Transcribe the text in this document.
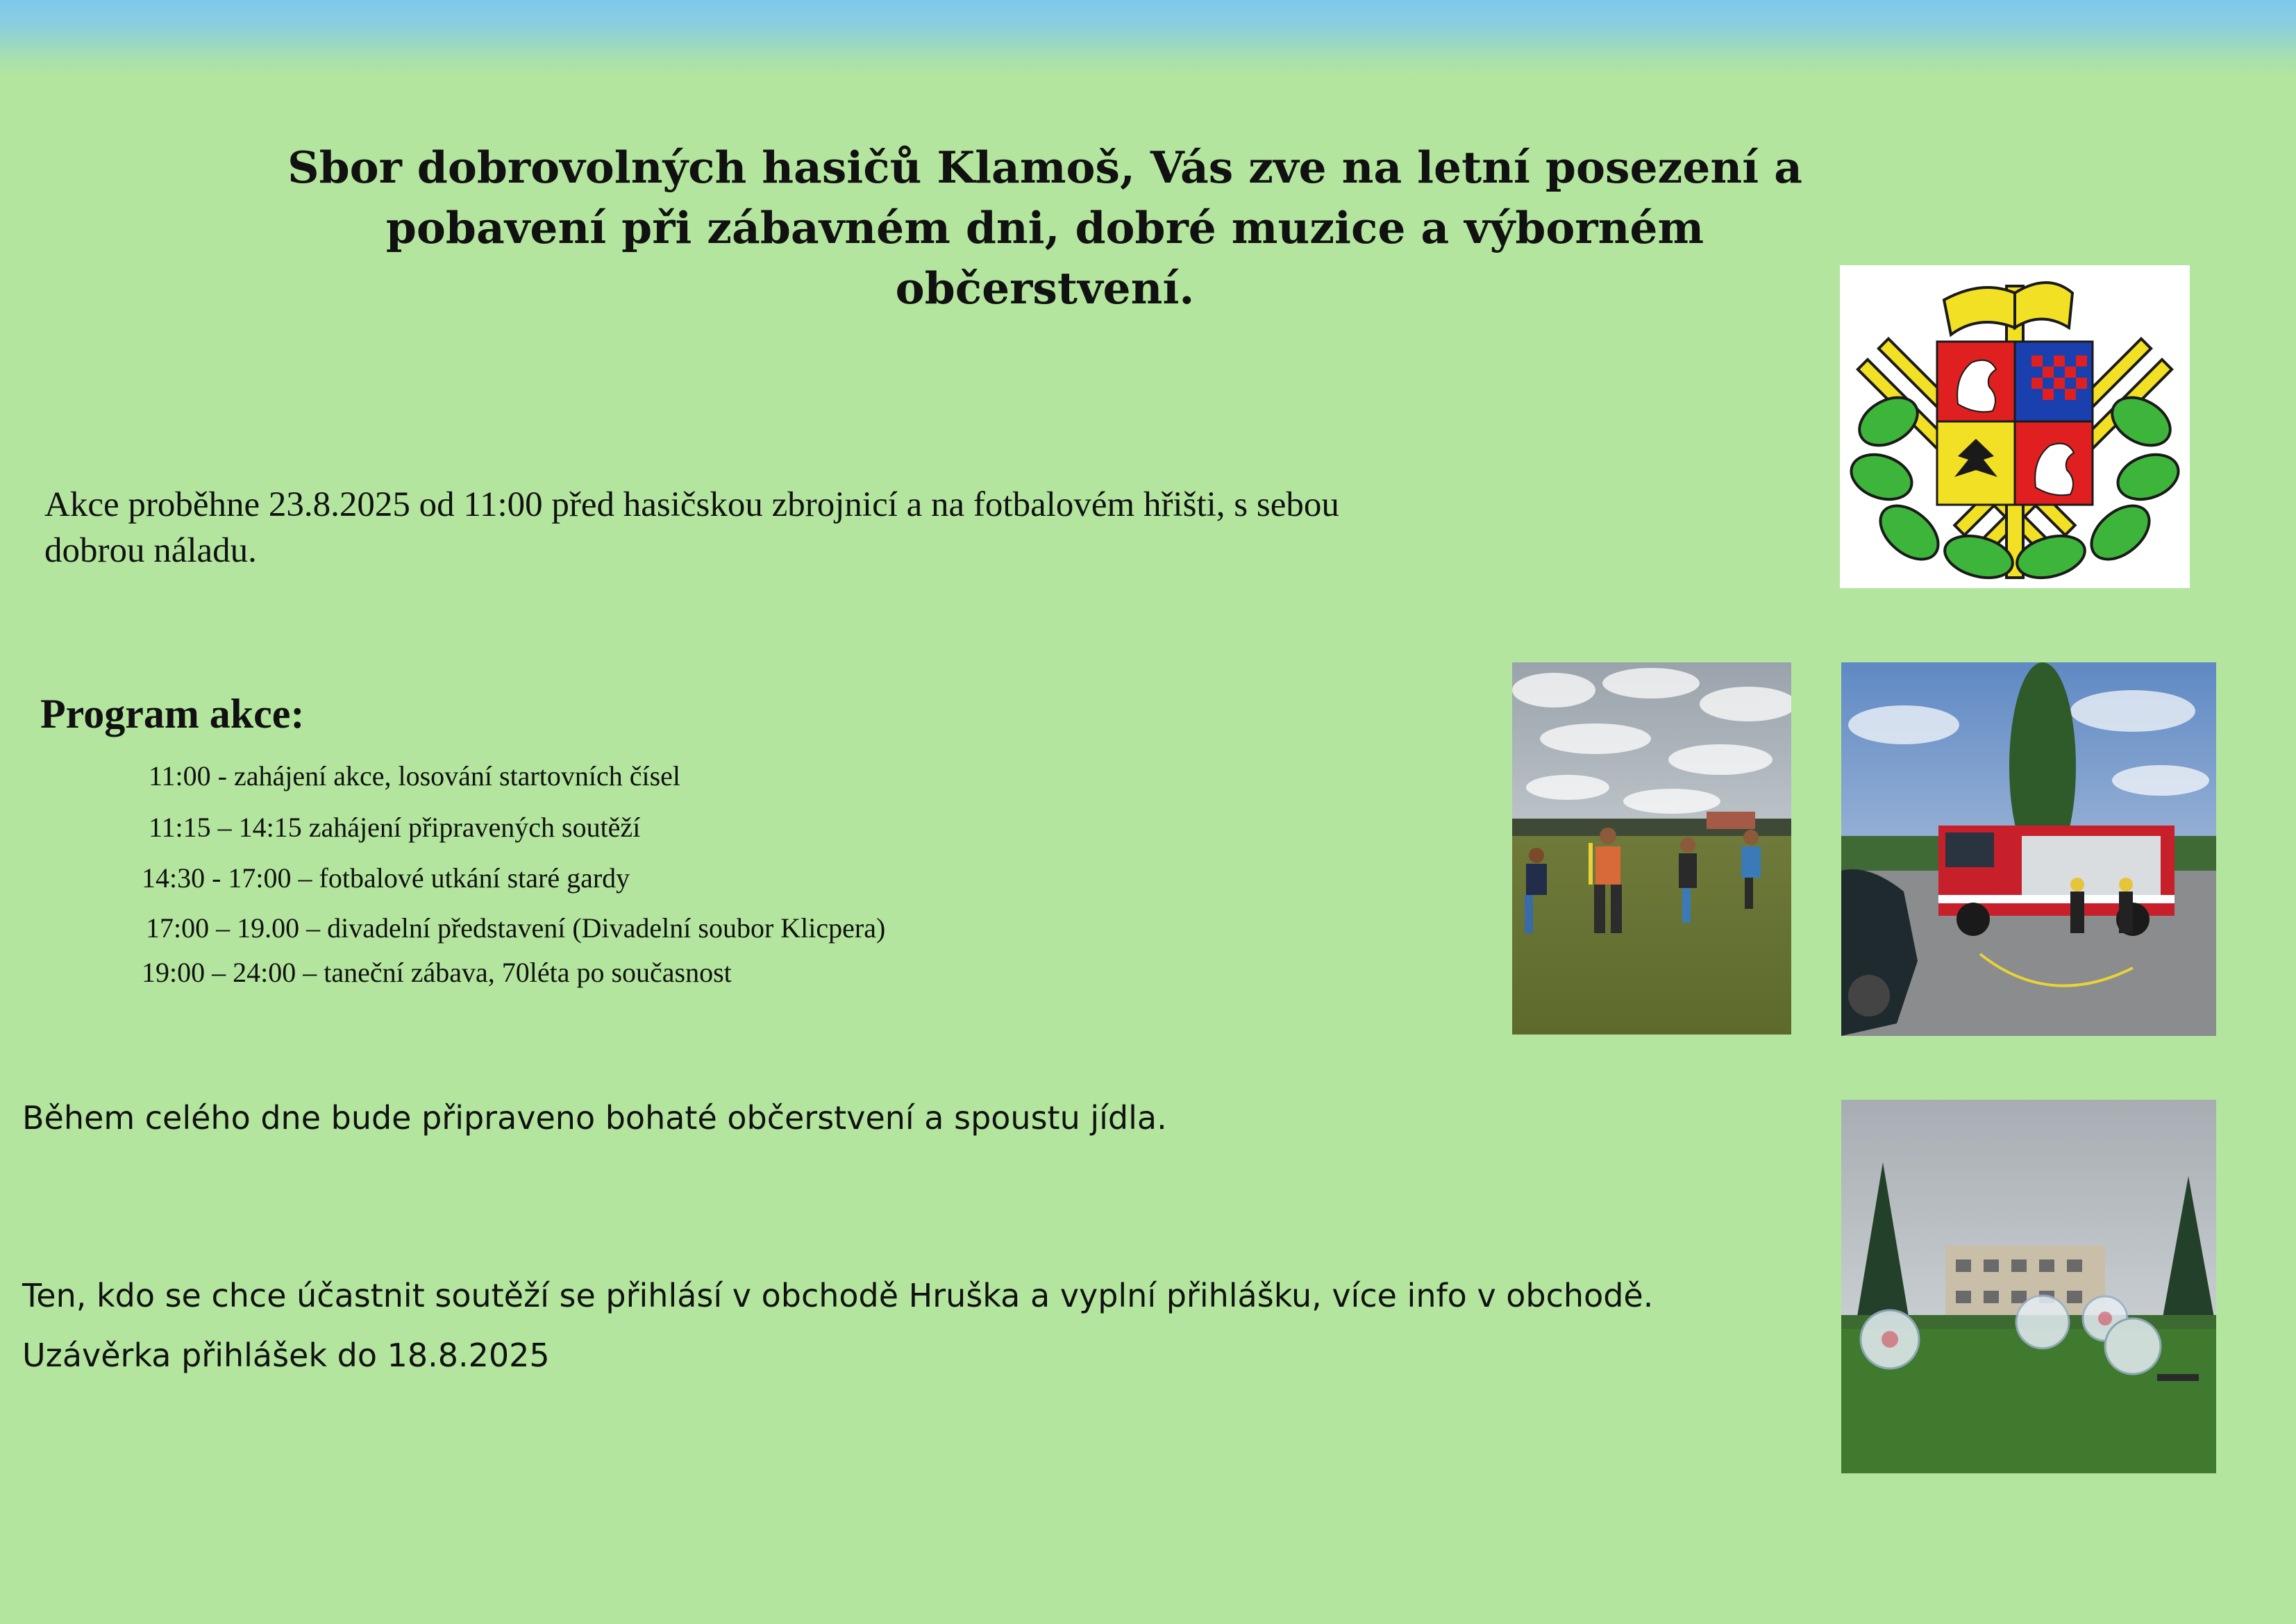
Sbor dobrovolných hasičů Klamoš, Vás zve na letní posezení a
pobavení při zábavném dni, dobré muzice a výborném
občerstvení.

Akce proběhne 23.8.2025 od 11:00 před hasičskou zbrojnicí a na fotbalovém hřišti, s sebou
dobrou náladu.

Program akce:

11:00 - zahájení akce, losování startovních čísel

11:15 – 14:15 zahájení připravených soutěží

14:30 - 17:00 – fotbalové utkání staré gardy

17:00 – 19.00 – divadelní představení (Divadelní soubor Klicpera)

19:00 – 24:00 – taneční zábava, 70léta po současnost

Během celého dne bude připraveno bohaté občerstvení a spoustu jídla.

Ten, kdo se chce účastnit soutěží se přihlásí v obchodě Hruška a vyplní přihlášku, více info v obchodě.

Uzávěrka přihlášek do 18.8.2025
